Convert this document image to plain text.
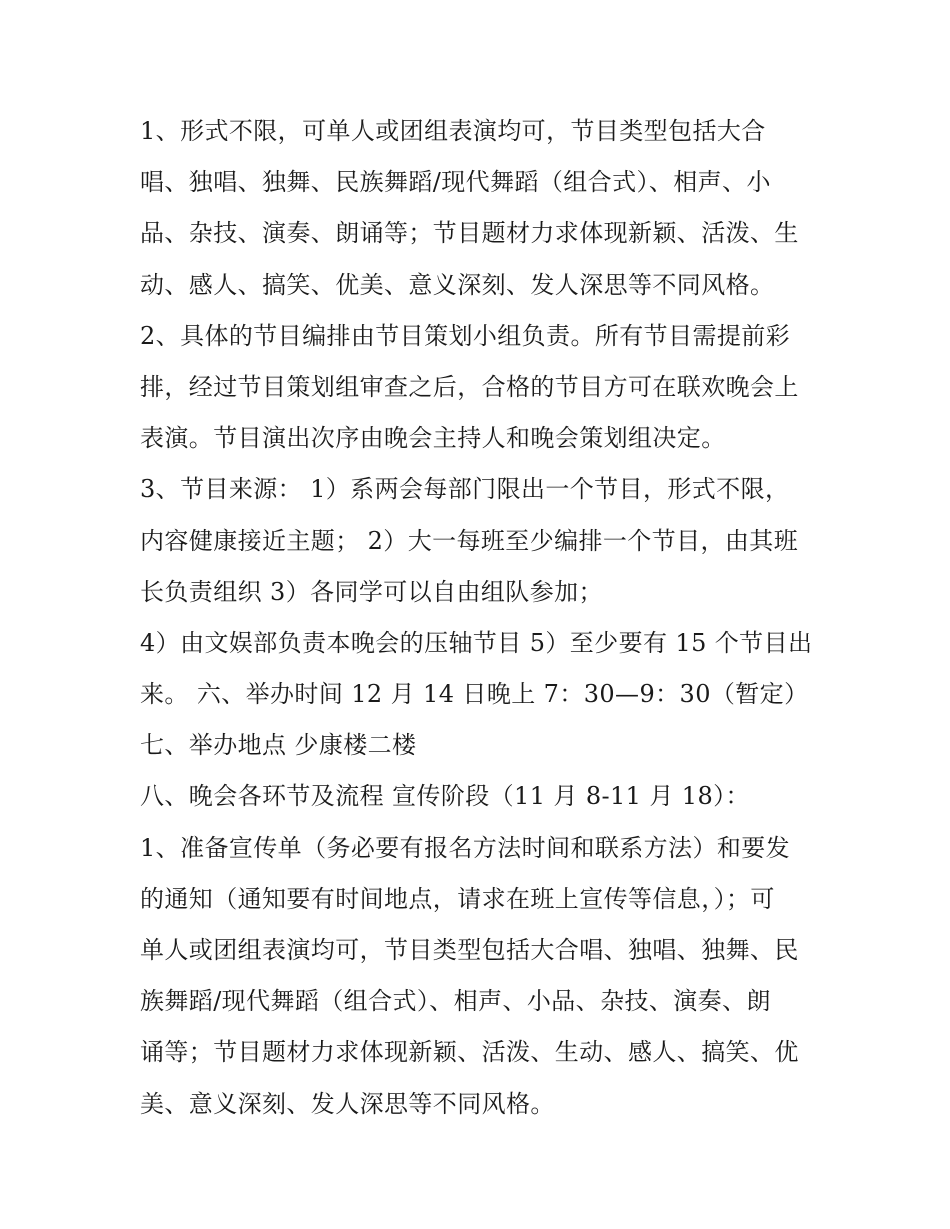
1、形式不限，可单人或团组表演均可，节目类型包括大合
唱、独唱、独舞、民族舞蹈/现代舞蹈（组合式）、相声、小
品、杂技、演奏、朗诵等；节目题材力求体现新颖、活泼、生
动、感人、搞笑、优美、意义深刻、发人深思等不同风格。
2、具体的节目编排由节目策划小组负责。所有节目需提前彩
排，经过节目策划组审查之后，合格的节目方可在联欢晚会上
表演。节目演出次序由晚会主持人和晚会策划组决定。
3、节目来源： 1）系两会每部门限出一个节目，形式不限，
内容健康接近主题； 2）大一每班至少编排一个节目，由其班
长负责组织 3）各同学可以自由组队参加；
4）由文娱部负责本晚会的压轴节目 5）至少要有 15 个节目出
来。 六、举办时间 12 月 14 日晚上 7：30—9：30（暂定）
七、举办地点 少康楼二楼
八、晚会各环节及流程 宣传阶段（11 月 8-11 月 18）：
1、准备宣传单（务必要有报名方法时间和联系方法）和要发
的通知（通知要有时间地点，请求在班上宣传等信息，）；可
单人或团组表演均可，节目类型包括大合唱、独唱、独舞、民
族舞蹈/现代舞蹈（组合式）、相声、小品、杂技、演奏、朗
诵等；节目题材力求体现新颖、活泼、生动、感人、搞笑、优
美、意义深刻、发人深思等不同风格。
